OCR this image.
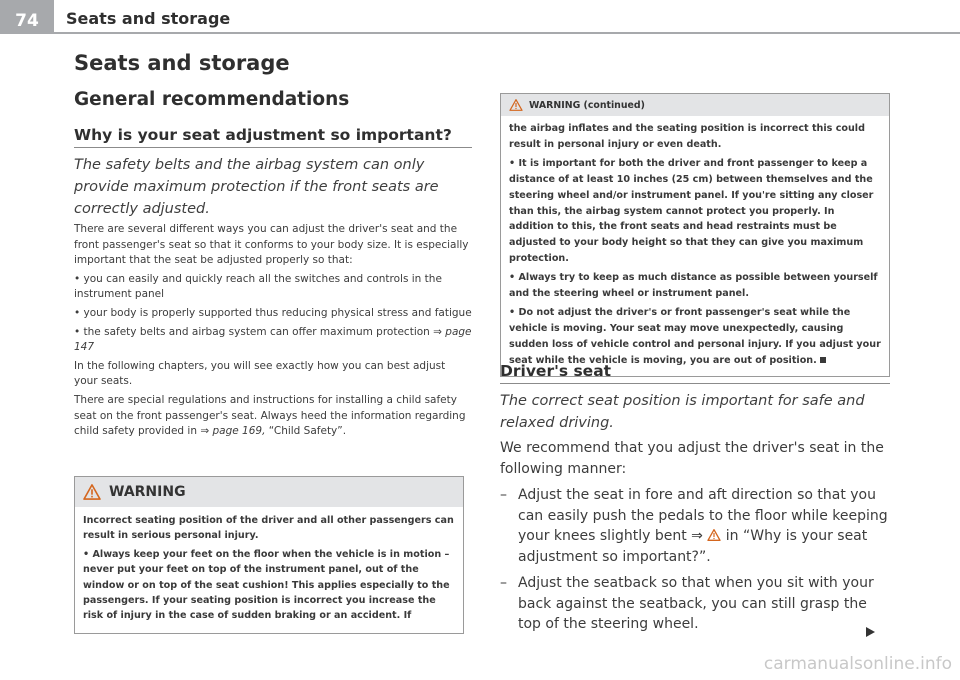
74	Seats and storage
Seats and storage
General recommendations
Why is your seat adjustment so important?
The safety belts and the airbag system can only provide maximum protection if the front seats are correctly adjusted.

There are several different ways you can adjust the driver's seat and the front passenger's seat so that it conforms to your body size. It is especially important that the seat be adjusted properly so that:

• you can easily and quickly reach all the switches and controls in the instrument panel

• your body is properly supported thus reducing physical stress and fatigue

• the safety belts and airbag system can offer maximum protection ⇒ page 147

In the following chapters, you will see exactly how you can best adjust your seats.

There are special regulations and instructions for installing a child safety seat on the front passenger's seat. Always heed the information regarding child safety provided in ⇒ page 169, “Child Safety”.

WARNING

Incorrect seating position of the driver and all other passengers can result in serious personal injury.

• Always keep your feet on the floor when the vehicle is in motion – never put your feet on top of the instrument panel, out of the window or on top of the seat cushion! This applies especially to the passengers. If your seating position is incorrect you increase the risk of injury in the case of sudden braking or an accident. If

WARNING (continued)

the airbag inflates and the seating position is incorrect this could result in personal injury or even death.

• It is important for both the driver and front passenger to keep a distance of at least 10 inches (25 cm) between themselves and the steering wheel and/or instrument panel. If you're sitting any closer than this, the airbag system cannot protect you properly. In addition to this, the front seats and head restraints must be adjusted to your body height so that they can give you maximum protection.

• Always try to keep as much distance as possible between yourself and the steering wheel or instrument panel.

• Do not adjust the driver's or front passenger's seat while the vehicle is moving. Your seat may move unexpectedly, causing sudden loss of vehicle control and personal injury. If you adjust your seat while the vehicle is moving, you are out of position.

Driver's seat
The correct seat position is important for safe and relaxed driving.

We recommend that you adjust the driver's seat in the following manner:

– Adjust the seat in fore and aft direction so that you can easily push the pedals to the floor while keeping your knees slightly bent ⇒  in “Why is your seat adjustment so important?”.
– Adjust the seatback so that when you sit with your back against the seatback, you can still grasp the top of the steering wheel.
carmanualsonline.info
